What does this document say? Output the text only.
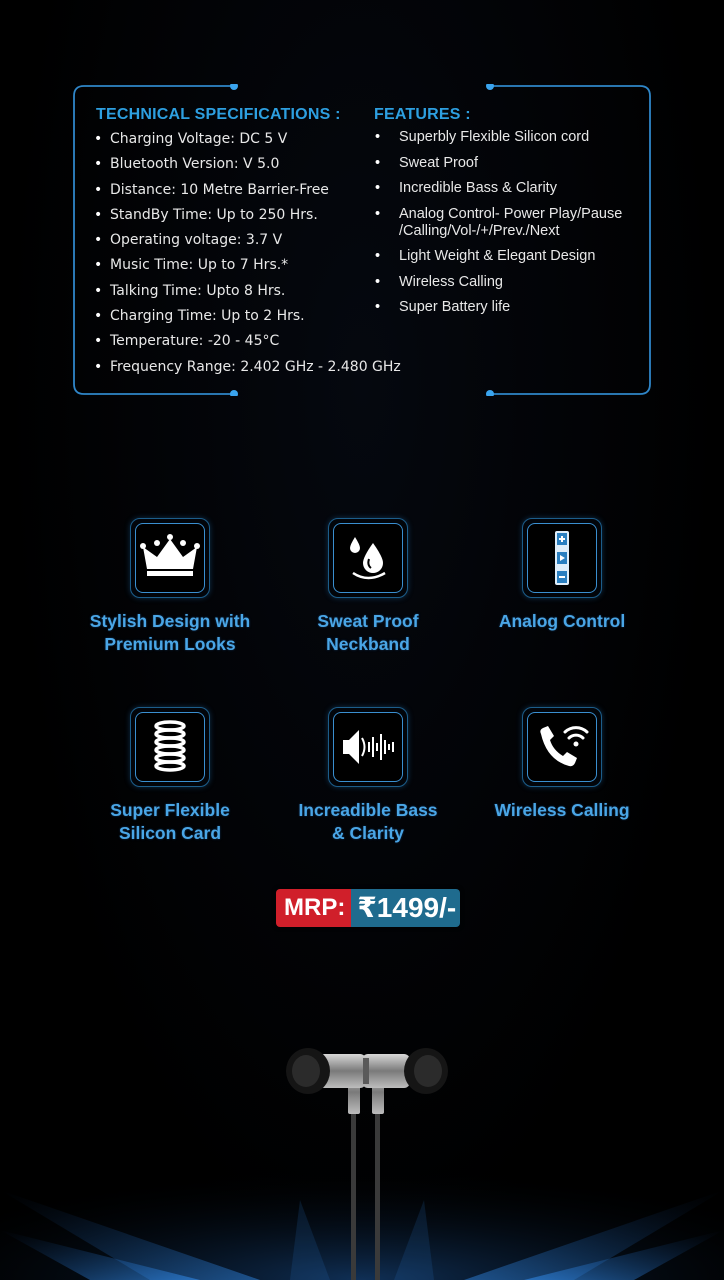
TECHNICAL SPECIFICATIONS :
• Charging Voltage: DC 5 V
• Bluetooth Version: V 5.0
• Distance: 10 Metre Barrier-Free
• StandBy Time: Up to 250 Hrs.
• Operating voltage: 3.7 V
• Music Time: Up to 7 Hrs.*
• Talking Time: Upto 8 Hrs.
• Charging Time: Up to 2 Hrs.
• Temperature: -20 - 45°C
• Frequency Range: 2.402 GHz - 2.480 GHz
FEATURES :
• Superbly Flexible Silicon cord
• Sweat Proof
• Incredible Bass & Clarity
• Analog Control- Power Play/Pause /Calling/Vol-/+/Prev./Next
• Light Weight & Elegant Design
• Wireless Calling
• Super Battery life
Stylish Design with
Premium Looks
Sweat Proof
Neckband
Analog Control
Super Flexible
Silicon Card
Increadible Bass
& Clarity
Wireless Calling
MRP: ₹1499/-
